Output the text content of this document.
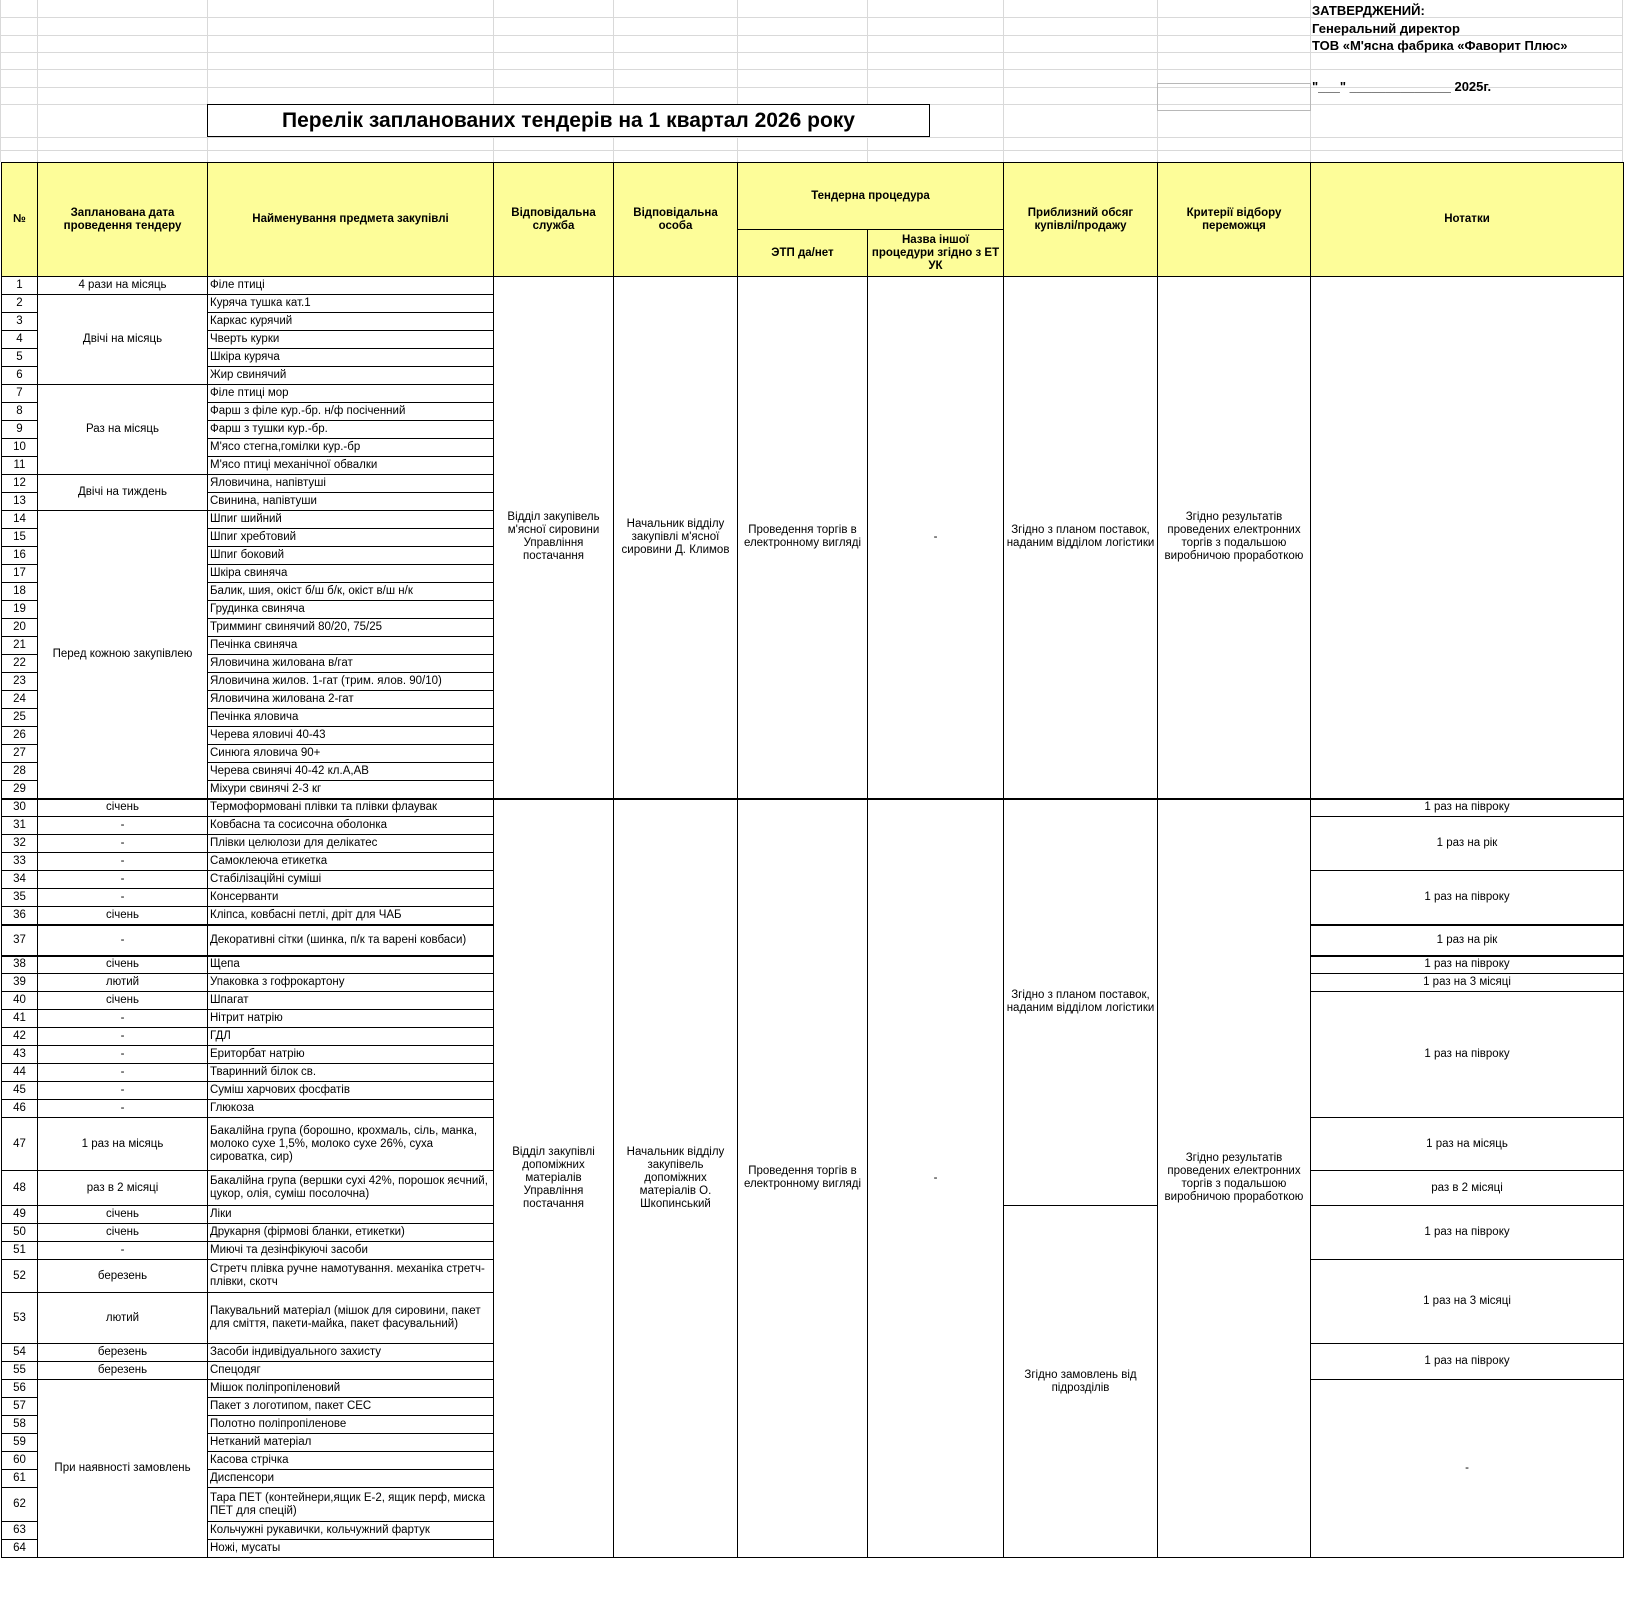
ЗАТВЕРДЖЕНИЙ:
Генеральний директор
ТОВ «М'ясна фабрика «Фаворит Плюс»
"___" ______________ 2025г.
Перелік запланованих тендерів на 1 квартал 2026 року
№	Запланована дата проведення тендеру	Найменування предмета закупівлі	Відповідальна служба	Відповідальна особа	Тендерна процедура		Приблизний обсяг купівлі/продажу	Критерії відбору переможця	Нотатки
					ЭТП да/нет	Назва іншої процедури згідно з ЕТ УК			
1	4 рази на місяць	Філе птиці	Відділ закупівель м'ясної сировини Управління постачання	Начальник відділу закупівлі м'ясної сировини Д. Климов	Проведення торгів в електронному вигляді	-	Згідно з планом поставок, наданим відділом логістики	Згідно результатів проведених електронних торгів з подальшою виробничою проработкою	
2	Двічі на місяць	Куряча тушка кат.1							
3		Каркас курячий							
4		Чверть курки							
5		Шкіра куряча							
6		Жир свинячий							
7	Раз на місяць	Філе птиці мор							
8		Фарш з філе кур.-бр. н/ф посіченний							
9		Фарш з тушки кур.-бр.							
10		М'ясо стегна,гомілки кур.-бр							
11		М'ясо птиці механічної обвалки							
12	Двічі на тиждень	Яловичина, напівтуші							
13		Свинина, напівтуши							
14	Перед кожною закупівлею	Шпиг шийний							
15		Шпиг хребтовий							
16		Шпиг боковий							
17		Шкіра свиняча							
18		Балик, шия, окіст б/ш б/к, окіст в/ш н/к							
19		Грудинка свиняча							
20		Тримминг свинячий 80/20, 75/25							
21		Печінка свиняча							
22		Яловичина жилована в/гат							
23		Яловичина жилов. 1-гат (трим. ялов. 90/10)							
24		Яловичина жилована 2-гат							
25		Печінка яловича							
26		Черева яловичі 40-43							
27		Синюга яловича 90+							
28		Черева свинячі 40-42 кл.А,АВ							
29		Міхури свинячі 2-3 кг							
30	січень	Термоформовані плівки та плівки флаувак	Відділ закупівлі допоміжних матеріалів Управління постачання	Начальник відділу закупівель допоміжних матеріалів О. Шкопинський	Проведення торгів в електронному вигляді	-	Згідно з планом поставок, наданим відділом логістики	Згідно результатів проведених електронних торгів з подальшою виробничою проработкою	1 раз на півроку
31	-	Ковбасна та сосисочна оболонка							1 раз на рік
32	-	Плівки целюлози для делікатес							
33	-	Самоклеюча етикетка							
34	-	Стабілізаційні суміші							1 раз на півроку
35	-	Консерванти							
36	січень	Кліпса, ковбасні петлі, дріт для ЧАБ							
37	-	Декоративні сітки (шинка, п/к та варені ковбаси)							1 раз на рік
38	січень	Щепа							1 раз на півроку
39	лютий	Упаковка з гофрокартону							1 раз на 3 місяці
40	січень	Шпагат							1 раз на півроку
41	-	Нітрит натрію							
42	-	ГДЛ							
43	-	Ериторбат натрію							
44	-	Тваринний білок св.							
45	-	Суміш харчових фосфатів							
46	-	Глюкоза							
47	1 раз на місяць	Бакалійна група (борошно, крохмаль, сіль, манка, молоко сухе 1,5%, молоко сухе 26%, суха сироватка, сир)							1 раз на місяць
48	раз в 2 місяці	Бакалійна група (вершки сухі 42%, порошок яєчний, цукор, олія, суміш посолочна)							раз в 2 місяці
49	січень	Ліки					Згідно замовлень від підрозділів		1 раз на півроку
50	січень	Друкарня (фірмові бланки, етикетки)							
51	-	Миючі та дезінфікуючі засоби							
52	березень	Стретч плівка ручне намотування. механіка стретч-плівки, скотч							1 раз на 3 місяці
53	лютий	Пакувальний матеріал (мішок для сировини, пакет для сміття, пакети-майка, пакет фасувальний)							
54	березень	Засоби індивідуального захисту							1 раз на півроку
55	березень	Спецодяг							
56	При наявності замовлень	Мішок поліпропіленовий							-
57		Пакет з логотипом, пакет СЕС							
58		Полотно поліпропіленове							
59		Нетканий матеріал							
60		Касова стрічка							
61		Диспенсори							
62		Тара ПЕТ (контейнери,ящик Е-2, ящик перф, миска ПЕТ для спецій)							
63		Кольчужні рукавички, кольчужний фартук							
64		Ножі, мусаты							
